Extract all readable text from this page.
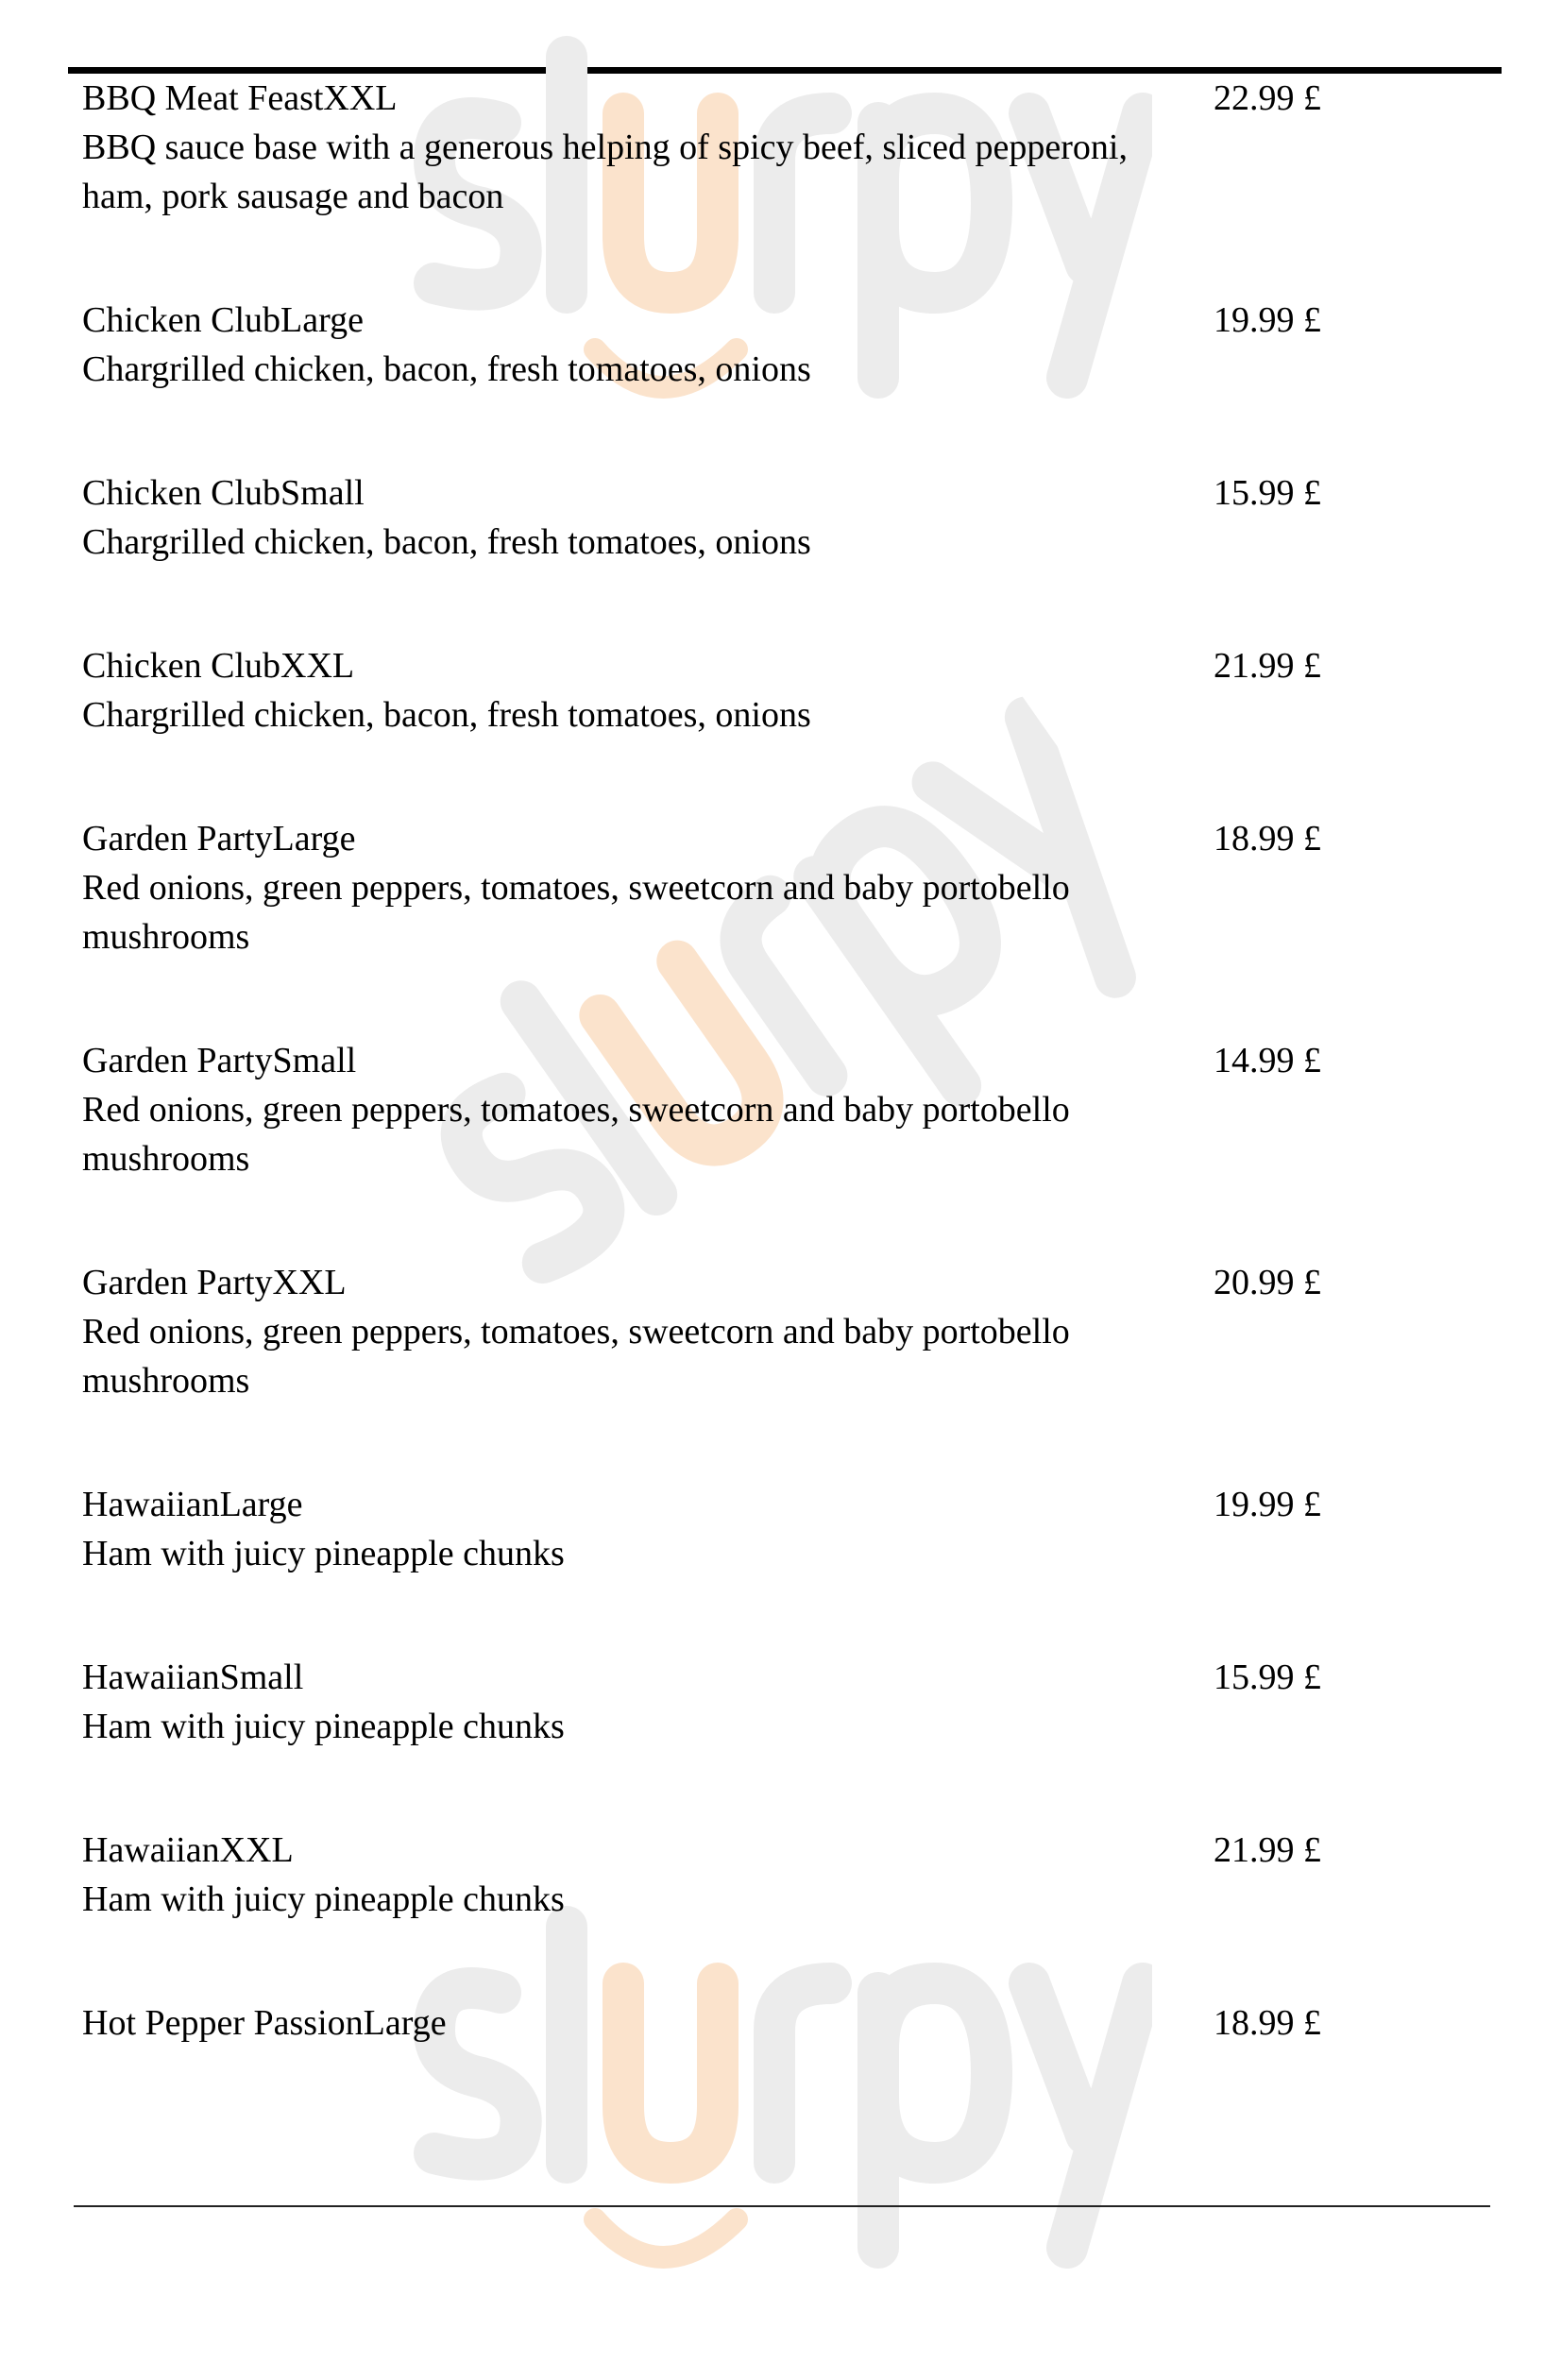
BBQ Meat FeastXXL
BBQ sauce base with a generous helping of spicy beef, sliced pepperoni, ham, pork sausage and bacon
22.99 £
Chicken ClubLarge
Chargrilled chicken, bacon, fresh tomatoes, onions
19.99 £
Chicken ClubSmall
Chargrilled chicken, bacon, fresh tomatoes, onions
15.99 £
Chicken ClubXXL
Chargrilled chicken, bacon, fresh tomatoes, onions
21.99 £
Garden PartyLarge
Red onions, green peppers, tomatoes, sweetcorn and baby portobello mushrooms
18.99 £
Garden PartySmall
Red onions, green peppers, tomatoes, sweetcorn and baby portobello mushrooms
14.99 £
Garden PartyXXL
Red onions, green peppers, tomatoes, sweetcorn and baby portobello mushrooms
20.99 £
HawaiianLarge
Ham with juicy pineapple chunks
19.99 £
HawaiianSmall
Ham with juicy pineapple chunks
15.99 £
HawaiianXXL
Ham with juicy pineapple chunks
21.99 £
Hot Pepper PassionLarge	18.99 £
